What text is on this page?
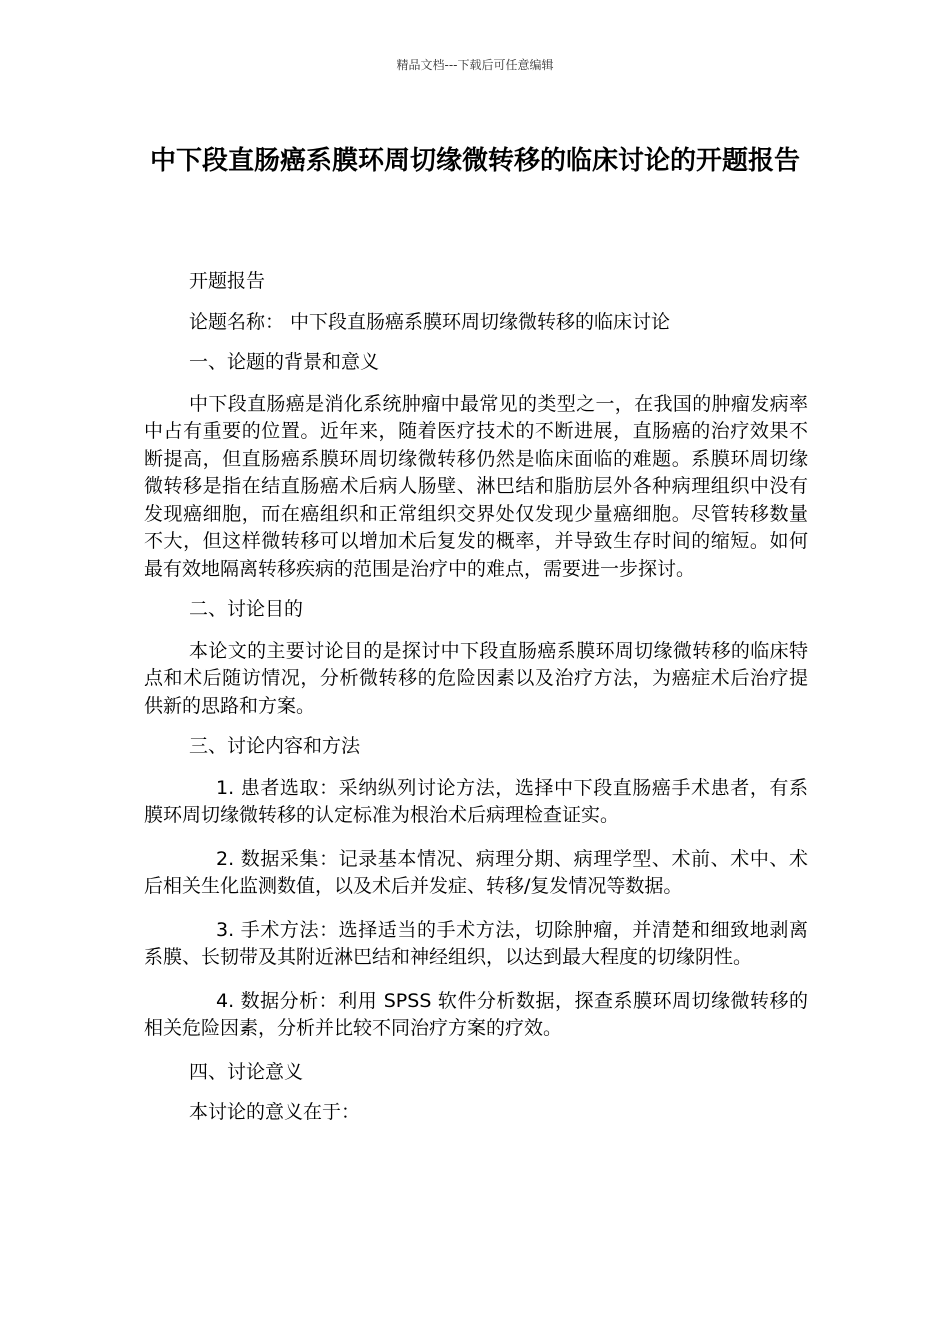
精品文档---下载后可任意编辑
中下段直肠癌系膜环周切缘微转移的临床讨论的开题报告

开题报告

论题名称： 中下段直肠癌系膜环周切缘微转移的临床讨论

一、论题的背景和意义

中下段直肠癌是消化系统肿瘤中最常见的类型之一，在我国的肿瘤发病率中占有重要的位置。近年来，随着医疗技术的不断进展，直肠癌的治疗效果不断提高，但直肠癌系膜环周切缘微转移仍然是临床面临的难题。系膜环周切缘微转移是指在结直肠癌术后病人肠壁、淋巴结和脂肪层外各种病理组织中没有发现癌细胞，而在癌组织和正常组织交界处仅发现少量癌细胞。尽管转移数量不大，但这样微转移可以增加术后复发的概率，并导致生存时间的缩短。如何最有效地隔离转移疾病的范围是治疗中的难点，需要进一步探讨。

二、讨论目的

本论文的主要讨论目的是探讨中下段直肠癌系膜环周切缘微转移的临床特点和术后随访情况，分析微转移的危险因素以及治疗方法，为癌症术后治疗提供新的思路和方案。

三、讨论内容和方法

1. 患者选取：采纳纵列讨论方法，选择中下段直肠癌手术患者，有系膜环周切缘微转移的认定标准为根治术后病理检查证实。

2. 数据采集：记录基本情况、病理分期、病理学型、术前、术中、术后相关生化监测数值，以及术后并发症、转移/复发情况等数据。

3. 手术方法：选择适当的手术方法，切除肿瘤，并清楚和细致地剥离系膜、长韧带及其附近淋巴结和神经组织，以达到最大程度的切缘阴性。

4. 数据分析：利用 SPSS 软件分析数据，探查系膜环周切缘微转移的相关危险因素，分析并比较不同治疗方案的疗效。

四、讨论意义

本讨论的意义在于：
